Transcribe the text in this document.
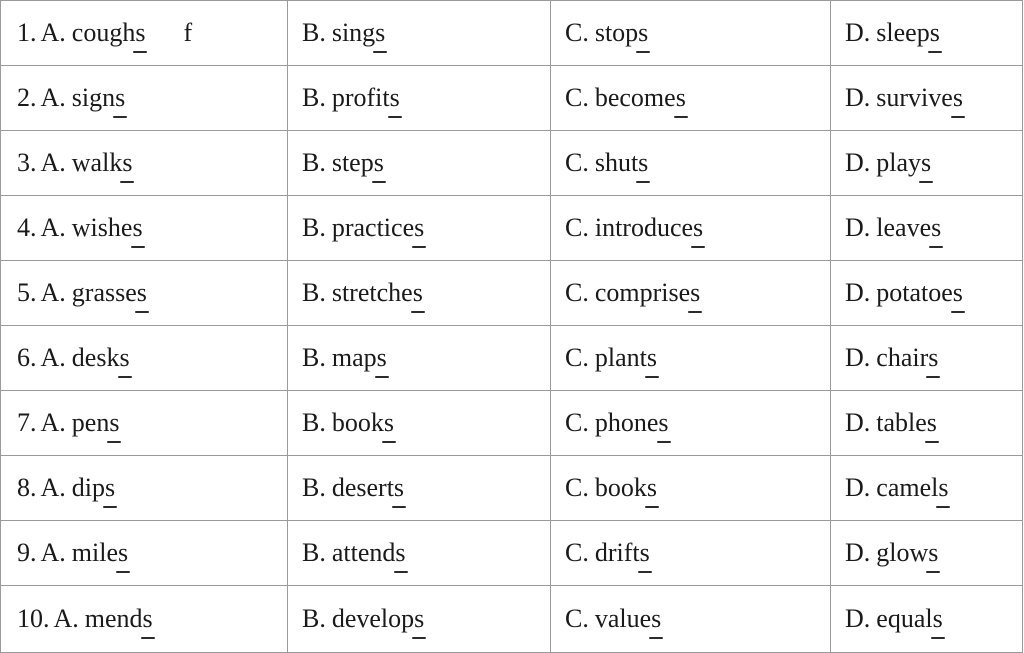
1. A. coughs f	B. sings	C. stops	D. sleeps
2. A. signs	B. profits	C. becomes	D. survives
3. A. walks	B. steps	C. shuts	D. plays
4. A. wishes	B. practices	C. introduces	D. leaves
5. A. grasses	B. stretches	C. comprises	D. potatoes
6. A. desks	B. maps	C. plants	D. chairs
7. A. pens	B. books	C. phones	D. tables
8. A. dips	B. deserts	C. books	D. camels
9. A. miles	B. attends	C. drifts	D. glows
10. A. mends	B. develops	C. values	D. equals
